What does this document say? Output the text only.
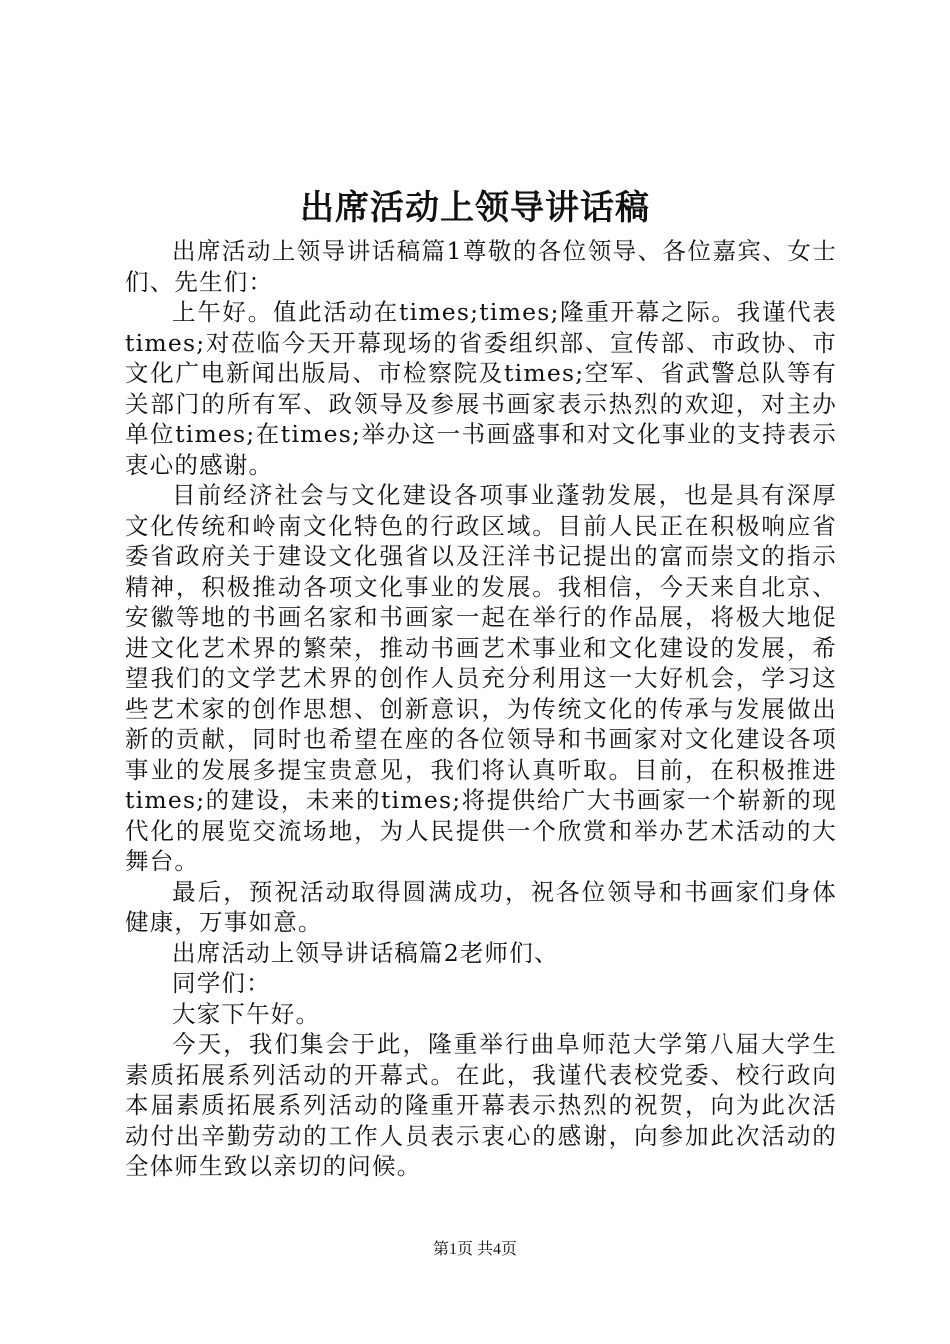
出席活动上领导讲话稿

出席活动上领导讲话稿篇1尊敬的各位领导、各位嘉宾、女士们、先生们：

上午好。值此活动在times;times;隆重开幕之际。我谨代表times;对莅临今天开幕现场的省委组织部、宣传部、市政协、市文化广电新闻出版局、市检察院及times;空军、省武警总队等有关部门的所有军、政领导及参展书画家表示热烈的欢迎，对主办单位times;在times;举办这一书画盛事和对文化事业的支持表示衷心的感谢。

目前经济社会与文化建设各项事业蓬勃发展，也是具有深厚文化传统和岭南文化特色的行政区域。目前人民正在积极响应省委省政府关于建设文化强省以及汪洋书记提出的富而崇文的指示精神，积极推动各项文化事业的发展。我相信，今天来自北京、安徽等地的书画名家和书画家一起在举行的作品展，将极大地促进文化艺术界的繁荣，推动书画艺术事业和文化建设的发展，希望我们的文学艺术界的创作人员充分利用这一大好机会，学习这些艺术家的创作思想、创新意识，为传统文化的传承与发展做出新的贡献，同时也希望在座的各位领导和书画家对文化建设各项事业的发展多提宝贵意见，我们将认真听取。目前，在积极推进times;的建设，未来的times;将提供给广大书画家一个崭新的现代化的展览交流场地，为人民提供一个欣赏和举办艺术活动的大舞台。

最后，预祝活动取得圆满成功，祝各位领导和书画家们身体健康，万事如意。

出席活动上领导讲话稿篇2老师们、

同学们：

大家下午好。

今天，我们集会于此，隆重举行曲阜师范大学第八届大学生素质拓展系列活动的开幕式。在此，我谨代表校党委、校行政向本届素质拓展系列活动的隆重开幕表示热烈的祝贺，向为此次活动付出辛勤劳动的工作人员表示衷心的感谢，向参加此次活动的全体师生致以亲切的问候。

第1页 共4页
